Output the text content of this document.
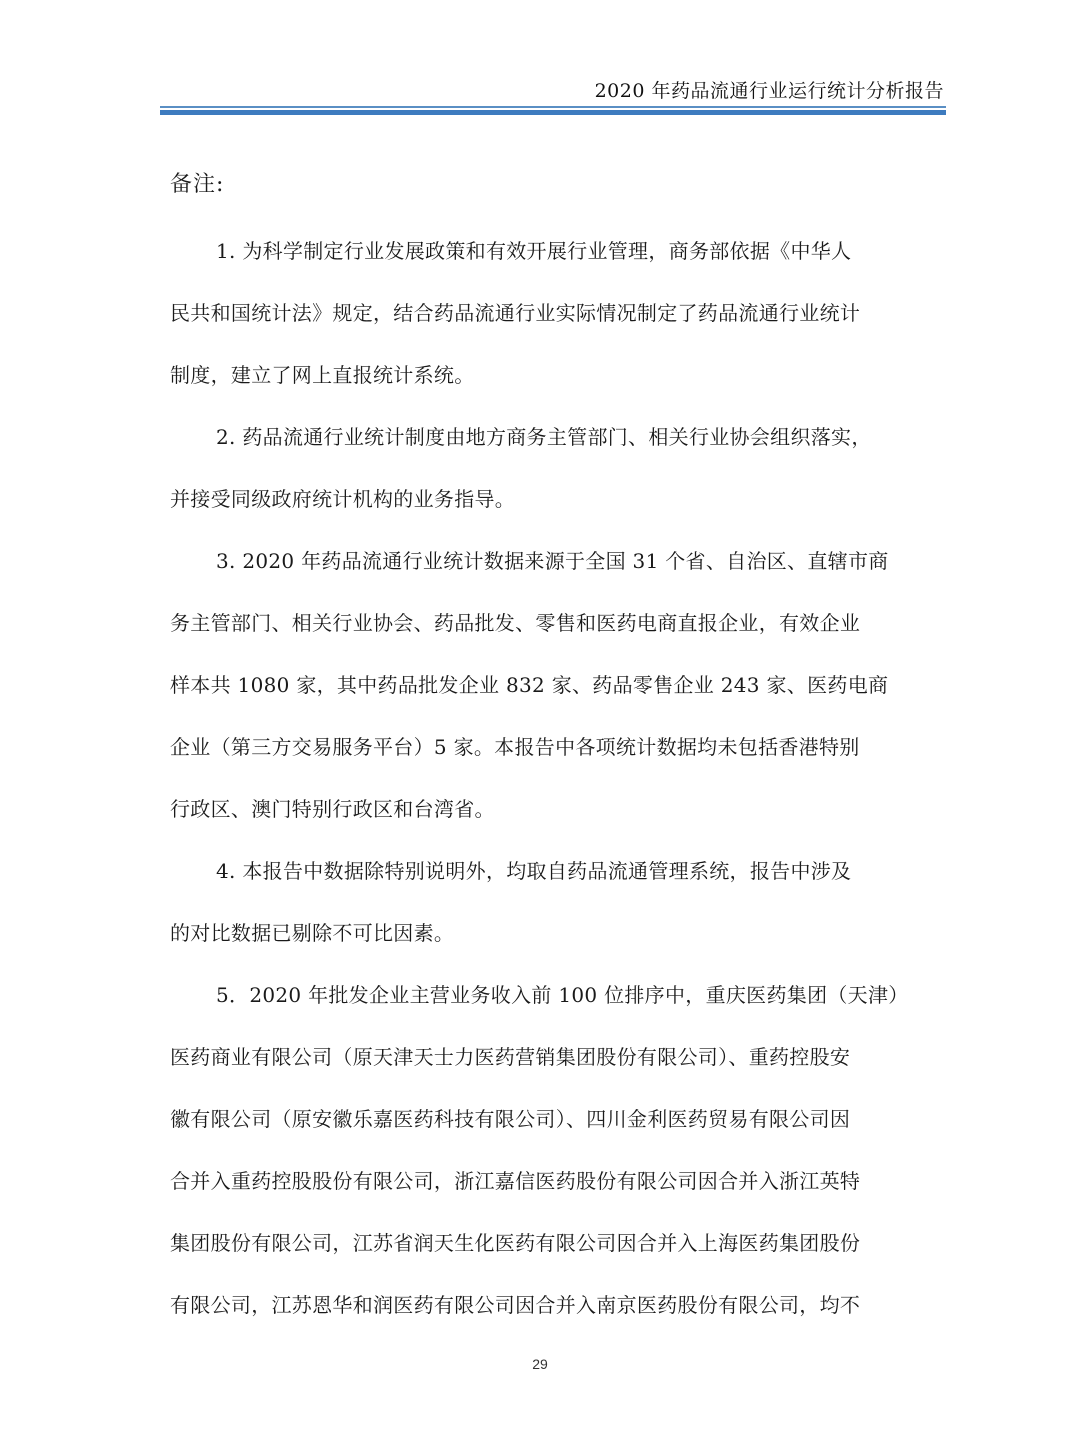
2020 年药品流通行业运行统计分析报告
备注:

1. 为科学制定行业发展政策和有效开展行业管理，商务部依据《中华人
民共和国统计法》规定，结合药品流通行业实际情况制定了药品流通行业统计
制度，建立了网上直报统计系统。

2. 药品流通行业统计制度由地方商务主管部门、相关行业协会组织落实，
并接受同级政府统计机构的业务指导。

3. 2020 年药品流通行业统计数据来源于全国 31 个省、自治区、直辖市商
务主管部门、相关行业协会、药品批发、零售和医药电商直报企业，有效企业
样本共 1080 家，其中药品批发企业 832 家、药品零售企业 243 家、医药电商
企业（第三方交易服务平台）5 家。本报告中各项统计数据均未包括香港特别
行政区、澳门特别行政区和台湾省。

4. 本报告中数据除特别说明外，均取自药品流通管理系统，报告中涉及
的对比数据已剔除不可比因素。

5．2020 年批发企业主营业务收入前 100 位排序中，重庆医药集团（天津）
医药商业有限公司（原天津天士力医药营销集团股份有限公司）、重药控股安
徽有限公司（原安徽乐嘉医药科技有限公司）、四川金利医药贸易有限公司因
合并入重药控股股份有限公司，浙江嘉信医药股份有限公司因合并入浙江英特
集团股份有限公司，江苏省润天生化医药有限公司因合并入上海医药集团股份
有限公司，江苏恩华和润医药有限公司因合并入南京医药股份有限公司，均不

29
